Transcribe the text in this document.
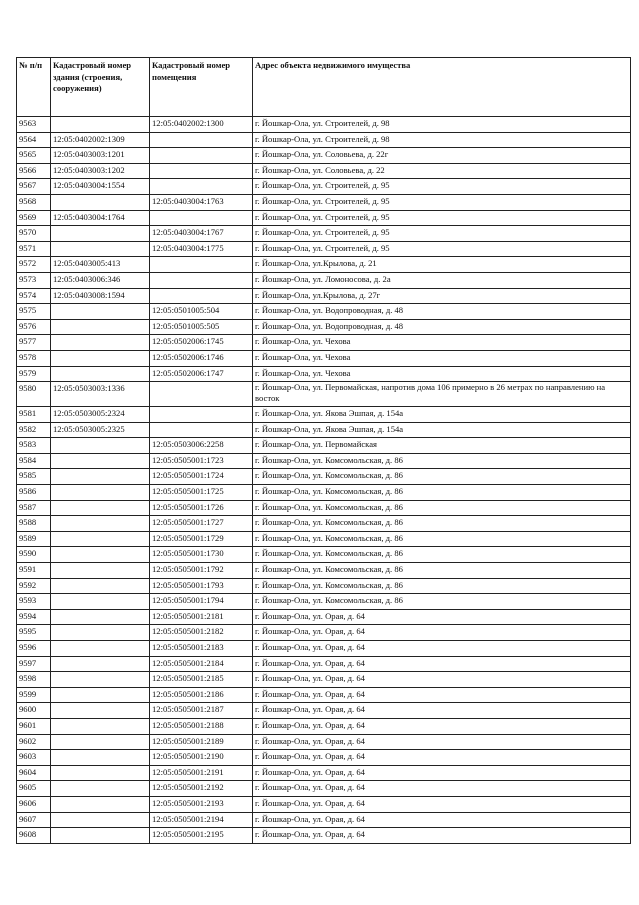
№ п/п	Кадастровый номер здания (строения, сооружения)	Кадастровый номер помещения	Адрес объекта недвижимого имущества
9563		12:05:0402002:1300	г. Йошкар-Ола, ул. Строителей, д. 98
9564	12:05:0402002:1309		г. Йошкар-Ола, ул. Строителей, д. 98
9565	12:05:0403003:1201		г. Йошкар-Ола, ул. Соловьева, д. 22г
9566	12:05:0403003:1202		г. Йошкар-Ола, ул. Соловьева, д. 22
9567	12:05:0403004:1554		г. Йошкар-Ола, ул. Строителей, д. 95
9568		12:05:0403004:1763	г. Йошкар-Ола, ул. Строителей, д. 95
9569	12:05:0403004:1764		г. Йошкар-Ола, ул. Строителей, д. 95
9570		12:05:0403004:1767	г. Йошкар-Ола, ул. Строителей, д. 95
9571		12:05:0403004:1775	г. Йошкар-Ола, ул. Строителей, д. 95
9572	12:05:0403005:413		г. Йошкар-Ола, ул.Крылова, д. 21
9573	12:05:0403006:346		г. Йошкар-Ола, ул. Ломоносова, д. 2а
9574	12:05:0403008:1594		г. Йошкар-Ола, ул.Крылова, д. 27г
9575		12:05:0501005:504	г. Йошкар-Ола, ул. Водопроводная, д. 48
9576		12:05:0501005:505	г. Йошкар-Ола, ул. Водопроводная, д. 48
9577		12:05:0502006:1745	г. Йошкар-Ола, ул. Чехова
9578		12:05:0502006:1746	г. Йошкар-Ола, ул. Чехова
9579		12:05:0502006:1747	г. Йошкар-Ола, ул. Чехова
9580	12:05:0503003:1336		г. Йошкар-Ола, ул. Первомайская, напротив дома 106 примерно в 26 метрах по направлению на восток
9581	12:05:0503005:2324		г. Йошкар-Ола, ул. Якова Эшпая, д. 154а
9582	12:05:0503005:2325		г. Йошкар-Ола, ул. Якова Эшпая, д. 154а
9583		12:05:0503006:2258	г. Йошкар-Ола, ул. Первомайская
9584		12:05:0505001:1723	г. Йошкар-Ола, ул. Комсомольская, д. 86
9585		12:05:0505001:1724	г. Йошкар-Ола, ул. Комсомольская, д. 86
9586		12:05:0505001:1725	г. Йошкар-Ола, ул. Комсомольская, д. 86
9587		12:05:0505001:1726	г. Йошкар-Ола, ул. Комсомольская, д. 86
9588		12:05:0505001:1727	г. Йошкар-Ола, ул. Комсомольская, д. 86
9589		12:05:0505001:1729	г. Йошкар-Ола, ул. Комсомольская, д. 86
9590		12:05:0505001:1730	г. Йошкар-Ола, ул. Комсомольская, д. 86
9591		12:05:0505001:1792	г. Йошкар-Ола, ул. Комсомольская, д. 86
9592		12:05:0505001:1793	г. Йошкар-Ола, ул. Комсомольская, д. 86
9593		12:05:0505001:1794	г. Йошкар-Ола, ул. Комсомольская, д. 86
9594		12:05:0505001:2181	г. Йошкар-Ола, ул. Орая, д. 64
9595		12:05:0505001:2182	г. Йошкар-Ола, ул. Орая, д. 64
9596		12:05:0505001:2183	г. Йошкар-Ола, ул. Орая, д. 64
9597		12:05:0505001:2184	г. Йошкар-Ола, ул. Орая, д. 64
9598		12:05:0505001:2185	г. Йошкар-Ола, ул. Орая, д. 64
9599		12:05:0505001:2186	г. Йошкар-Ола, ул. Орая, д. 64
9600		12:05:0505001:2187	г. Йошкар-Ола, ул. Орая, д. 64
9601		12:05:0505001:2188	г. Йошкар-Ола, ул. Орая, д. 64
9602		12:05:0505001:2189	г. Йошкар-Ола, ул. Орая, д. 64
9603		12:05:0505001:2190	г. Йошкар-Ола, ул. Орая, д. 64
9604		12:05:0505001:2191	г. Йошкар-Ола, ул. Орая, д. 64
9605		12:05:0505001:2192	г. Йошкар-Ола, ул. Орая, д. 64
9606		12:05:0505001:2193	г. Йошкар-Ола, ул. Орая, д. 64
9607		12:05:0505001:2194	г. Йошкар-Ола, ул. Орая, д. 64
9608		12:05:0505001:2195	г. Йошкар-Ола, ул. Орая, д. 64
